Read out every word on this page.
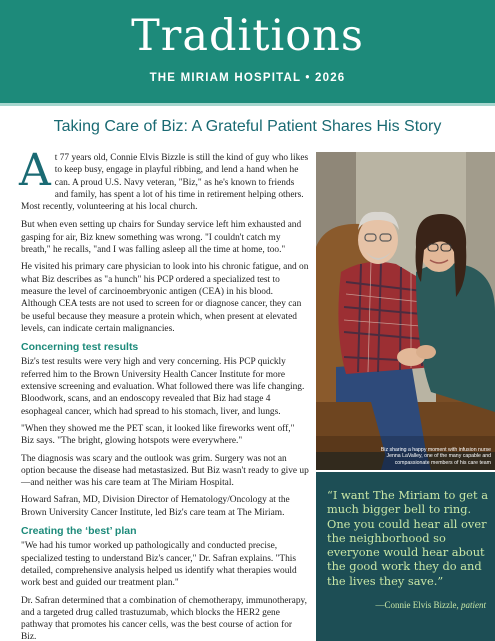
Traditions
THE MIRIAM HOSPITAL • 2026
Taking Care of Biz: A Grateful Patient Shares His Story

At 77 years old, Connie Elvis Bizzle is still the kind of guy who likes to keep busy, engage in playful ribbing, and lend a hand when he can. A proud U.S. Navy veteran, "Biz," as he's known to friends and family, has spent a lot of his time in retirement helping others. Most recently, volunteering at his local church.

But when even setting up chairs for Sunday service left him exhausted and gasping for air, Biz knew something was wrong. "I couldn't catch my breath," he recalls, "and I was falling asleep all the time at home, too."

He visited his primary care physician to look into his chronic fatigue, and on what Biz describes as "a hunch" his PCP ordered a specialized test to measure the level of carcinoembryonic antigen (CEA) in his blood. Although CEA tests are not used to screen for or diagnose cancer, they can be useful because they measure a protein which, when present at elevated levels, can indicate certain malignancies.

Concerning test results

Biz's test results were very high and very concerning. His PCP quickly referred him to the Brown University Health Cancer Institute for more extensive screening and evaluation. What followed there was life changing. Bloodwork, scans, and an endoscopy revealed that Biz had stage 4 esophageal cancer, which had spread to his stomach, liver, and lungs.

"When they showed me the PET scan, it looked like fireworks went off," Biz says. "The bright, glowing hotspots were everywhere."

The diagnosis was scary and the outlook was grim. Surgery was not an option because the disease had metastasized. But Biz wasn't ready to give up—and neither was his care team at The Miriam Hospital.

Howard Safran, MD, Division Director of Hematology/Oncology at the Brown University Cancer Institute, led Biz's care team at The Miriam.

Creating the ‘best’ plan

"We had his tumor worked up pathologically and conducted precise, specialized testing to understand Biz's cancer," Dr. Safran explains. "This detailed, comprehensive analysis helped us identify what therapies would work best and guided our treatment plan."

Dr. Safran determined that a combination of chemotherapy, immunotherapy, and a targeted drug called trastuzumab, which blocks the HER2 gene pathway that promotes his cancer cells, was the best course of action for Biz.

Biz sharing a happy moment with infusion nurse Jenna LaValley, one of the many capable and compassionate members of his care team
“I want The Miriam to get a much bigger bell to ring. One you could hear all over the neighborhood so everyone would hear about the good work they do and the lives they save.”
—Connie Elvis Bizzle, patient
